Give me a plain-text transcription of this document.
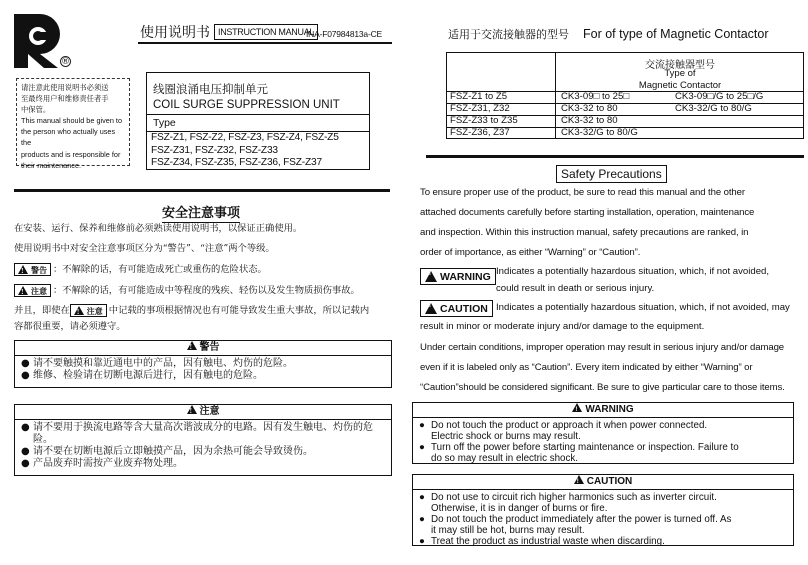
®
使用说明书 INSTRUCTION MANUAL
INA-F07984813a-CE
请注意此使用说明书必须送
至最终用户和维修责任者手
中保管。
This manual should be given to
the person who actually uses the
products and is responsible for
their maintenance.
线圈浪涌电压抑制单元
COIL SURGE SUPPRESSION UNIT
Type
FSZ-Z1, FSZ-Z2, FSZ-Z3, FSZ-Z4, FSZ-Z5
FSZ-Z31, FSZ-Z32, FSZ-Z33
FSZ-Z34, FSZ-Z35, FSZ-Z36, FSZ-Z37
安全注意事项
在安装、运行、保养和维修前必须熟读使用说明书，以保证正确使用。
使用说明书中对安全注意事项区分为“警告”、“注意”两个等级。
!
警告 ：不解除的话，有可能造成死亡或重伤的危险状态。
!
注意 ：不解除的话，有可能造成中等程度的残疾、轻伤以及发生物质损伤事故。
并且，即使在
! 注意 中记载的事项根据情况也有可能导致发生重大事故，所以记载内
容都很重要，请必须遵守。
!警告
● 请不要触摸和靠近通电中的产品，因有触电、灼伤的危险。
● 维修、检验请在切断电源后进行，因有触电的危险。
!注意
● 请不要用于换流电路等含大量高次谐波成分的电路。因有发生触电、灼伤的危险。
● 请不要在切断电源后立即触摸产品，因为余热可能会导致烫伤。
● 产品废弃时需按产业废弃物处理。
适用于交流接触器的型号 For of type of Magnetic Contactor
交流接触器型号
Type of
Magnetic Contactor
FSZ-Z1 to Z5	CK3-09□ to 25□	CK3-09□/G to 25□/G
FSZ-Z31, Z32	CK3-32 to 80	CK3-32/G to 80/G
FSZ-Z33 to Z35	CK3-32 to 80
FSZ-Z36, Z37	CK3-32/G to 80/G
Safety Precautions
To ensure proper use of the product, be sure to read this manual and the other
attached documents carefully before starting installation, operation, maintenance
and inspection. Within this instruction manual, safety precautions are ranked, in
order of importance, as either “Warning” or “Caution”.
!
WARNING Indicates a potentially hazardous situation, which, if not avoided,
could result in death or serious injury.
!
CAUTION Indicates a potentially hazardous situation, which, if not avoided, may
result in minor or moderate injury and/or damage to the equipment.
Under certain conditions, improper operation may result in serious injury and/or damage
even if it is labeled only as “Caution”. Every item indicated by either “Warning” or
“Caution”should be considered significant. Be sure to give particular care to those items.
!WARNING
● Do not touch the product or approach it when power connected.
Electric shock or burns may result.
● Turn off the power before starting maintenance or inspection. Failure to
do so may result in electric shock.
!CAUTION
● Do not use to circuit rich higher harmonics such as inverter circuit.
Otherwise, it is in danger of burns or fire.
● Do not touch the product immediately after the power is turned off. As
it may still be hot, burns may result.
● Treat the product as industrial waste when discarding.
